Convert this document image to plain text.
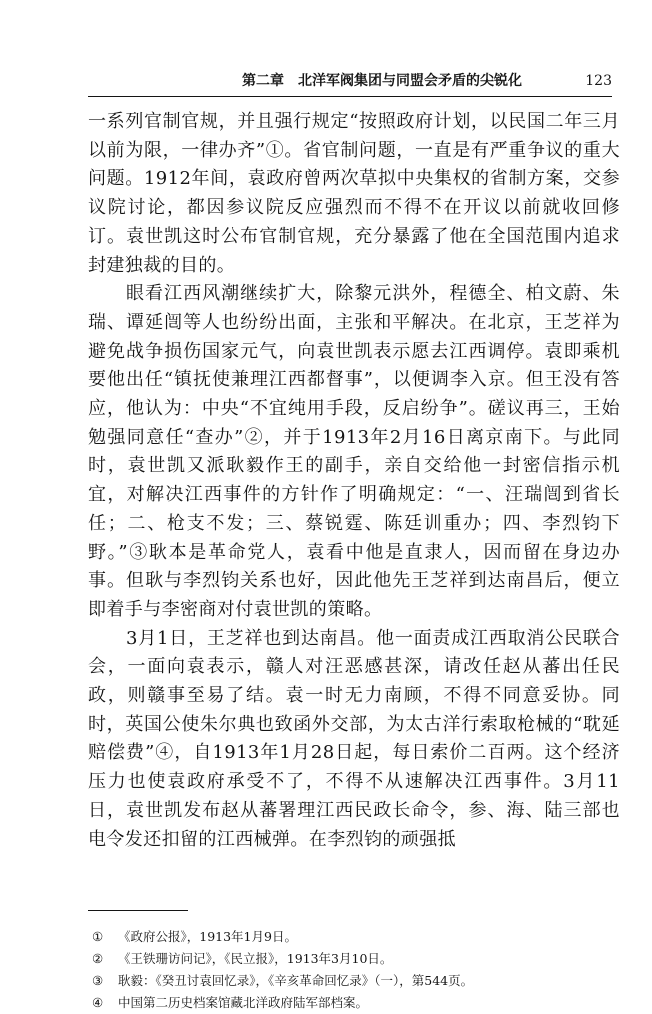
第二章　北洋军阀集团与同盟会矛盾的尖锐化	123

一系列官制官规，并且强行规定“按照政府计划，以民国二年三月以前为限，一律办齐”①。省官制问题，一直是有严重争议的重大问题。1912年间，袁政府曾两次草拟中央集权的省制方案，交参议院讨论，都因参议院反应强烈而不得不在开议以前就收回修订。袁世凯这时公布官制官规，充分暴露了他在全国范围内追求封建独裁的目的。

眼看江西风潮继续扩大，除黎元洪外，程德全、柏文蔚、朱瑞、谭延闿等人也纷纷出面，主张和平解决。在北京，王芝祥为避免战争损伤国家元气，向袁世凯表示愿去江西调停。袁即乘机要他出任“镇抚使兼理江西都督事”，以便调李入京。但王没有答应，他认为：中央“不宜纯用手段，反启纷争”。磋议再三，王始勉强同意任“查办”②，并于1913年2月16日离京南下。与此同时，袁世凯又派耿毅作王的副手，亲自交给他一封密信指示机宜，对解决江西事件的方针作了明确规定：“一、汪瑞闿到省长任；二、枪支不发；三、蔡锐霆、陈廷训重办；四、李烈钧下野。”③耿本是革命党人，袁看中他是直隶人，因而留在身边办事。但耿与李烈钧关系也好，因此他先王芝祥到达南昌后，便立即着手与李密商对付袁世凯的策略。

3月1日，王芝祥也到达南昌。他一面责成江西取消公民联合会，一面向袁表示，赣人对汪恶感甚深，请改任赵从蕃出任民政，则赣事至易了结。袁一时无力南顾，不得不同意妥协。同时，英国公使朱尔典也致函外交部，为太古洋行索取枪械的“耽延赔偿费”④，自1913年1月28日起，每日索价二百两。这个经济压力也使袁政府承受不了，不得不从速解决江西事件。3月11日，袁世凯发布赵从蕃署理江西民政长命令，参、海、陆三部也电令发还扣留的江西械弹。在李烈钧的顽强抵

① 《政府公报》，1913年1月9日。
② 《王铁珊访问记》，《民立报》，1913年3月10日。
③ 耿毅：《癸丑讨袁回忆录》，《辛亥革命回忆录》（一），第544页。
④ 中国第二历史档案馆藏北洋政府陆军部档案。
